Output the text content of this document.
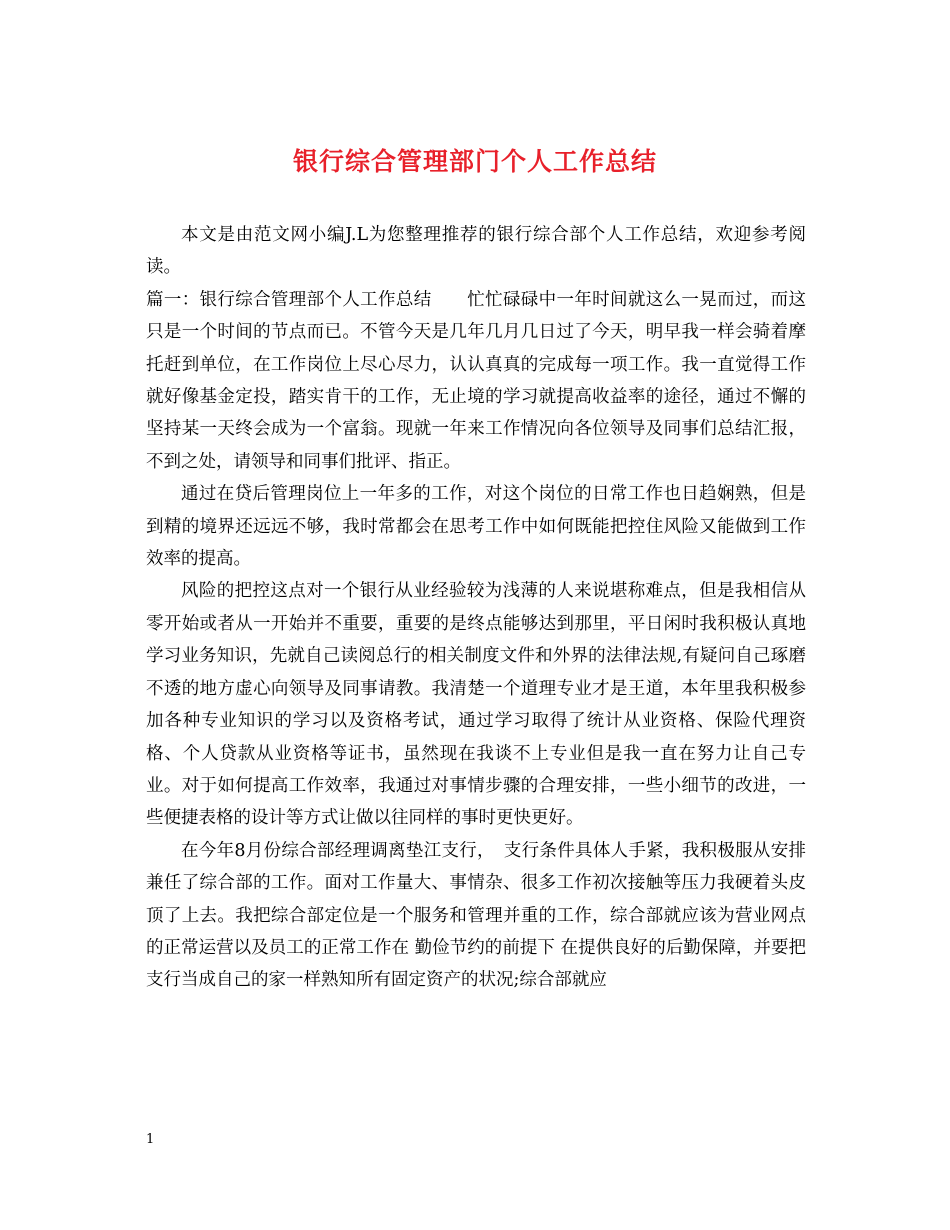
银行综合管理部门个人工作总结

本文是由范文网小编J.L为您整理推荐的银行综合部个人工作总结，欢迎参考阅读。

篇一：银行综合管理部个人工作总结　　忙忙碌碌中一年时间就这么一晃而过，而这只是一个时间的节点而已。不管今天是几年几月几日过了今天，明早我一样会骑着摩托赶到单位，在工作岗位上尽心尽力，认认真真的完成每一项工作。我一直觉得工作就好像基金定投，踏实肯干的工作，无止境的学习就提高收益率的途径，通过不懈的坚持某一天终会成为一个富翁。现就一年来工作情况向各位领导及同事们总结汇报，不到之处，请领导和同事们批评、指正。

通过在贷后管理岗位上一年多的工作，对这个岗位的日常工作也日趋娴熟，但是到精的境界还远远不够，我时常都会在思考工作中如何既能把控住风险又能做到工作效率的提高。

风险的把控这点对一个银行从业经验较为浅薄的人来说堪称难点，但是我相信从零开始或者从一开始并不重要，重要的是终点能够达到那里，平日闲时我积极认真地学习业务知识，先就自己读阅总行的相关制度文件和外界的法律法规,有疑问自己琢磨不透的地方虚心向领导及同事请教。我清楚一个道理专业才是王道，本年里我积极参加各种专业知识的学习以及资格考试，通过学习取得了统计从业资格、保险代理资格、个人贷款从业资格等证书，虽然现在我谈不上专业但是我一直在努力让自己专业。对于如何提高工作效率，我通过对事情步骤的合理安排，一些小细节的改进，一些便捷表格的设计等方式让做以往同样的事时更快更好。

在今年8月份综合部经理调离垫江支行，　支行条件具体人手紧，我积极服从安排兼任了综合部的工作。面对工作量大、事情杂、很多工作初次接触等压力我硬着头皮顶了上去。我把综合部定位是一个服务和管理并重的工作，综合部就应该为营业网点的正常运营以及员工的正常工作在 勤俭节约的前提下 在提供良好的后勤保障，并要把支行当成自己的家一样熟知所有固定资产的状况;综合部就应

1
